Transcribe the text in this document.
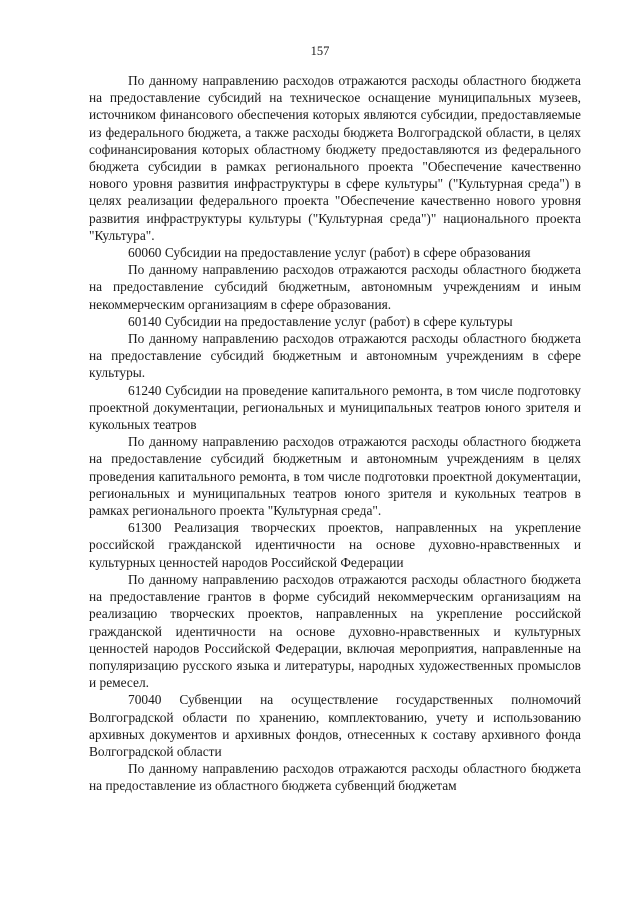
157

По данному направлению расходов отражаются расходы областного бюджета на предоставление субсидий на техническое оснащение муниципальных музеев, источником финансового обеспечения которых являются субсидии, предоставляемые из федерального бюджета, а также расходы бюджета Волгоградской области, в целях софинансирования которых областному бюджету предоставляются из федерального бюджета субсидии в рамках регионального проекта "Обеспечение качественно нового уровня развития инфраструктуры в сфере культуры" ("Культурная среда") в целях реализации федерального проекта "Обеспечение качественно нового уровня развития инфраструктуры культуры ("Культурная среда")" национального проекта "Культура".

60060 Субсидии на предоставление услуг (работ) в сфере образования

По данному направлению расходов отражаются расходы областного бюджета на предоставление субсидий бюджетным, автономным учреждениям и иным некоммерческим организациям в сфере образования.

60140 Субсидии на предоставление услуг (работ) в сфере культуры

По данному направлению расходов отражаются расходы областного бюджета на предоставление субсидий бюджетным и автономным учреждениям в сфере культуры.

61240 Субсидии на проведение капитального ремонта, в том числе подготовку проектной документации, региональных и муниципальных театров юного зрителя и кукольных театров

По данному направлению расходов отражаются расходы областного бюджета на предоставление субсидий бюджетным и автономным учреждениям в целях проведения капитального ремонта, в том числе подготовки проектной документации, региональных и муниципальных театров юного зрителя и кукольных театров в рамках регионального проекта "Культурная среда".

61300 Реализация творческих проектов, направленных на укрепление российской гражданской идентичности на основе духовно-нравственных и культурных ценностей народов Российской Федерации

По данному направлению расходов отражаются расходы областного бюджета на предоставление грантов в форме субсидий некоммерческим организациям на реализацию творческих проектов, направленных на укрепление российской гражданской идентичности на основе духовно-нравственных и культурных ценностей народов Российской Федерации, включая мероприятия, направленные на популяризацию русского языка и литературы, народных художественных промыслов и ремесел.

70040 Субвенции на осуществление государственных полномочий Волгоградской области по хранению, комплектованию, учету и использованию архивных документов и архивных фондов, отнесенных к составу архивного фонда Волгоградской области

По данному направлению расходов отражаются расходы областного бюджета на предоставление из областного бюджета субвенций бюджетам
